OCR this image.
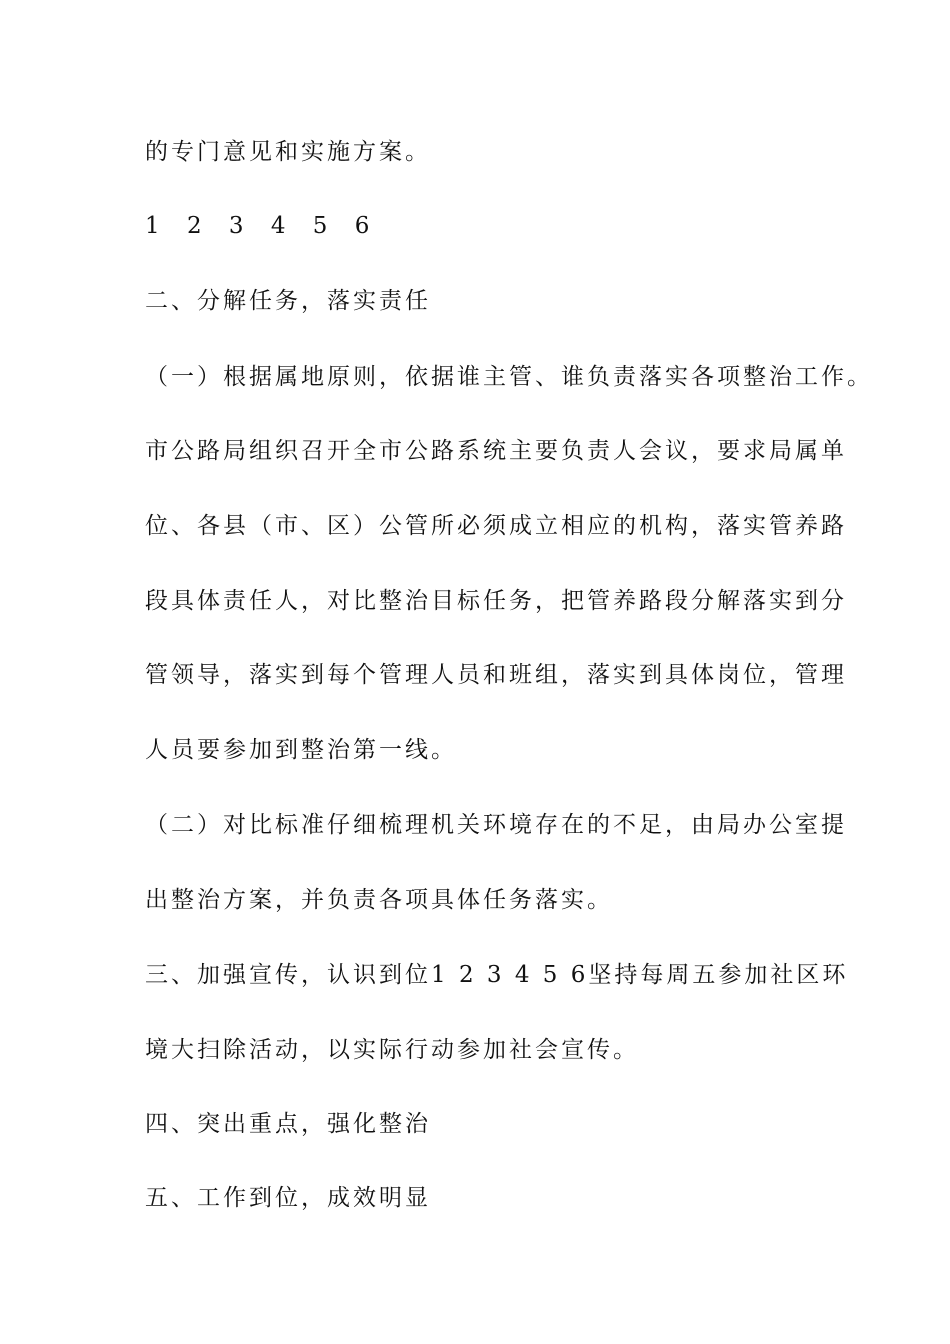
的专门意见和实施方案。
1 2 3 4 5 6
二、分解任务，落实责任
（一）根据属地原则，依据谁主管、谁负责落实各项整治工作。
市公路局组织召开全市公路系统主要负责人会议，要求局属单
位、各县（市、区）公管所必须成立相应的机构，落实管养路
段具体责任人，对比整治目标任务，把管养路段分解落实到分
管领导，落实到每个管理人员和班组，落实到具体岗位，管理
人员要参加到整治第一线。
（二）对比标准仔细梳理机关环境存在的不足，由局办公室提
出整治方案，并负责各项具体任务落实。
三、加强宣传，认识到位1 2 3 4 5 6坚持每周五参加社区环
境大扫除活动，以实际行动参加社会宣传。
四、突出重点，强化整治
五、工作到位，成效明显
